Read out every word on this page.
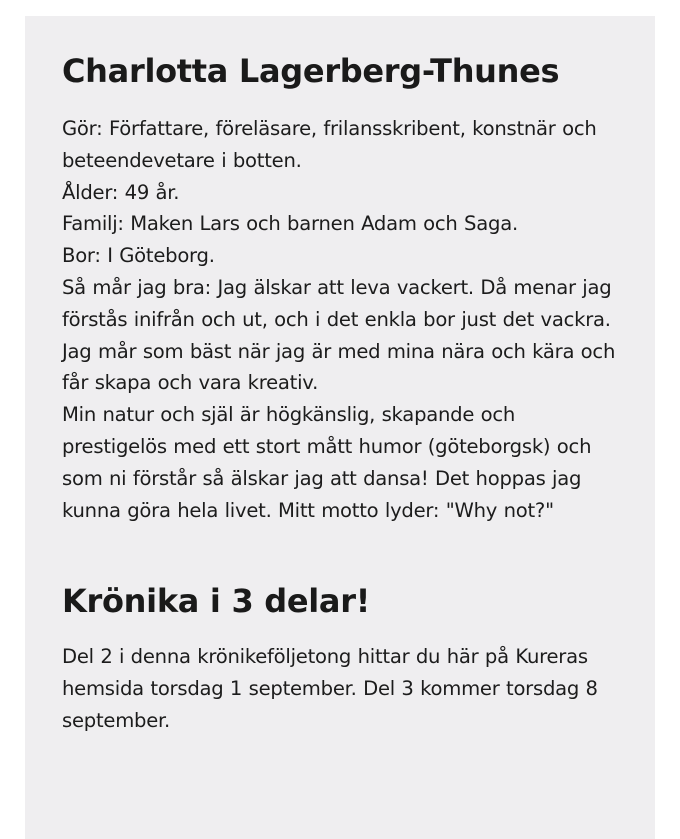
Charlotta Lagerberg-Thunes

Gör: Författare, föreläsare, frilansskribent, konstnär och beteendevetare i botten.

Ålder: 49 år.

Familj: Maken Lars och barnen Adam och Saga.

Bor: I Göteborg.

Så mår jag bra: Jag älskar att leva vackert. Då menar jag förstås inifrån och ut, och i det enkla bor just det vackra. Jag mår som bäst när jag är med mina nära och kära och får skapa och vara kreativ.

Min natur och själ är högkänslig, skapande och prestigelös med ett stort mått humor (göteborgsk) och som ni förstår så älskar jag att dansa! Det hoppas jag kunna göra hela livet. Mitt motto lyder: "Why not?"

Krönika i 3 delar!

Del 2 i denna krönikeföljetong hittar du här på Kureras hemsida torsdag 1 september. Del 3 kommer torsdag 8 september.
